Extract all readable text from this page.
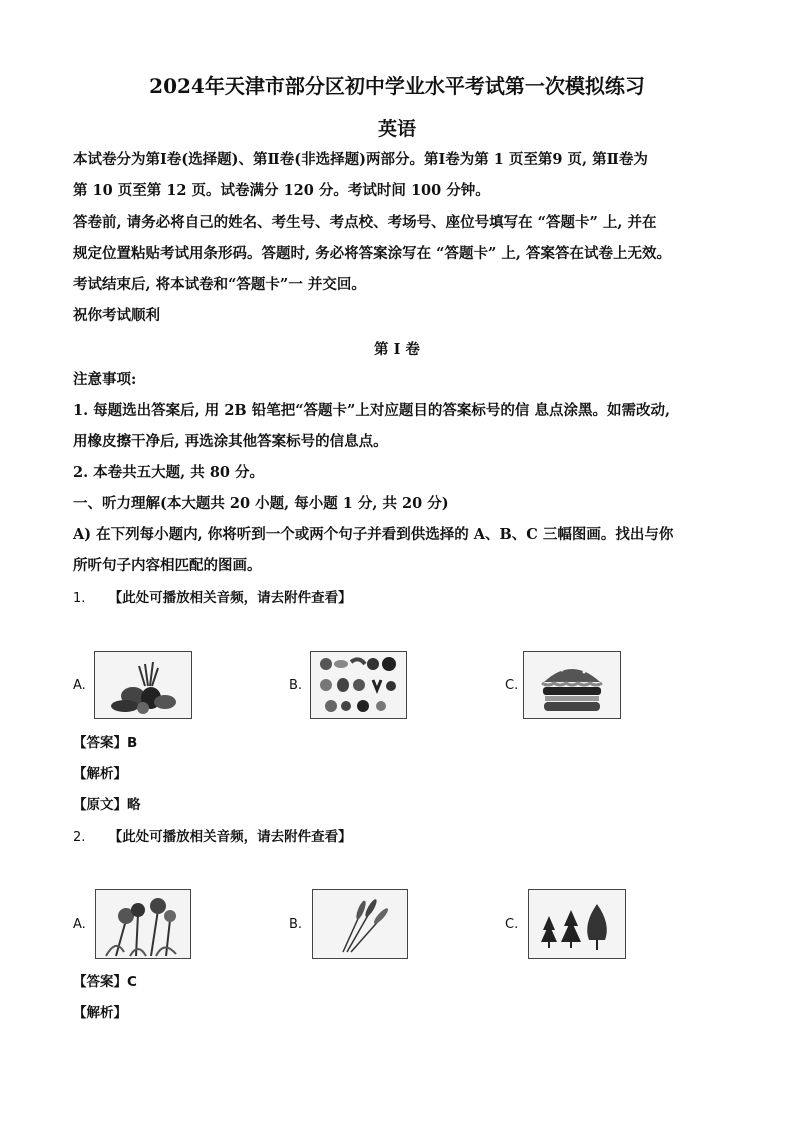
2024年天津市部分区初中学业水平考试第一次模拟练习
英语
本试卷分为第Ⅰ卷(选择题)、第Ⅱ卷(非选择题)两部分。第Ⅰ卷为第 1 页至第9 页, 第Ⅱ卷为
第 10 页至第 12 页。试卷满分 120 分。考试时间 100 分钟。
答卷前, 请务必将自己的姓名、考生号、考点校、考场号、座位号填写在 “答题卡” 上, 并在
规定位置粘贴考试用条形码。答题时, 务必将答案涂写在 “答题卡” 上, 答案答在试卷上无效。
考试结束后, 将本试卷和“答题卡”一 并交回。
祝你考试顺利
第 I 卷
注意事项:
1. 每题选出答案后, 用 2B 铅笔把“答题卡”上对应题目的答案标号的信 息点涂黑。如需改动,
用橡皮擦干净后, 再选涂其他答案标号的信息点。
2. 本卷共五大题, 共 80 分。
一、听力理解(本大题共 20 小题, 每小题 1 分, 共 20 分)
A) 在下列每小题内, 你将听到一个或两个句子并看到供选择的 A、B、C 三幅图画。找出与你
所听句子内容相匹配的图画。
1. 【此处可播放相关音频，请去附件查看】
A.	B.	C.
【答案】B
【解析】
【原文】略
2. 【此处可播放相关音频，请去附件查看】
A.	B.	C.
【答案】C
【解析】
